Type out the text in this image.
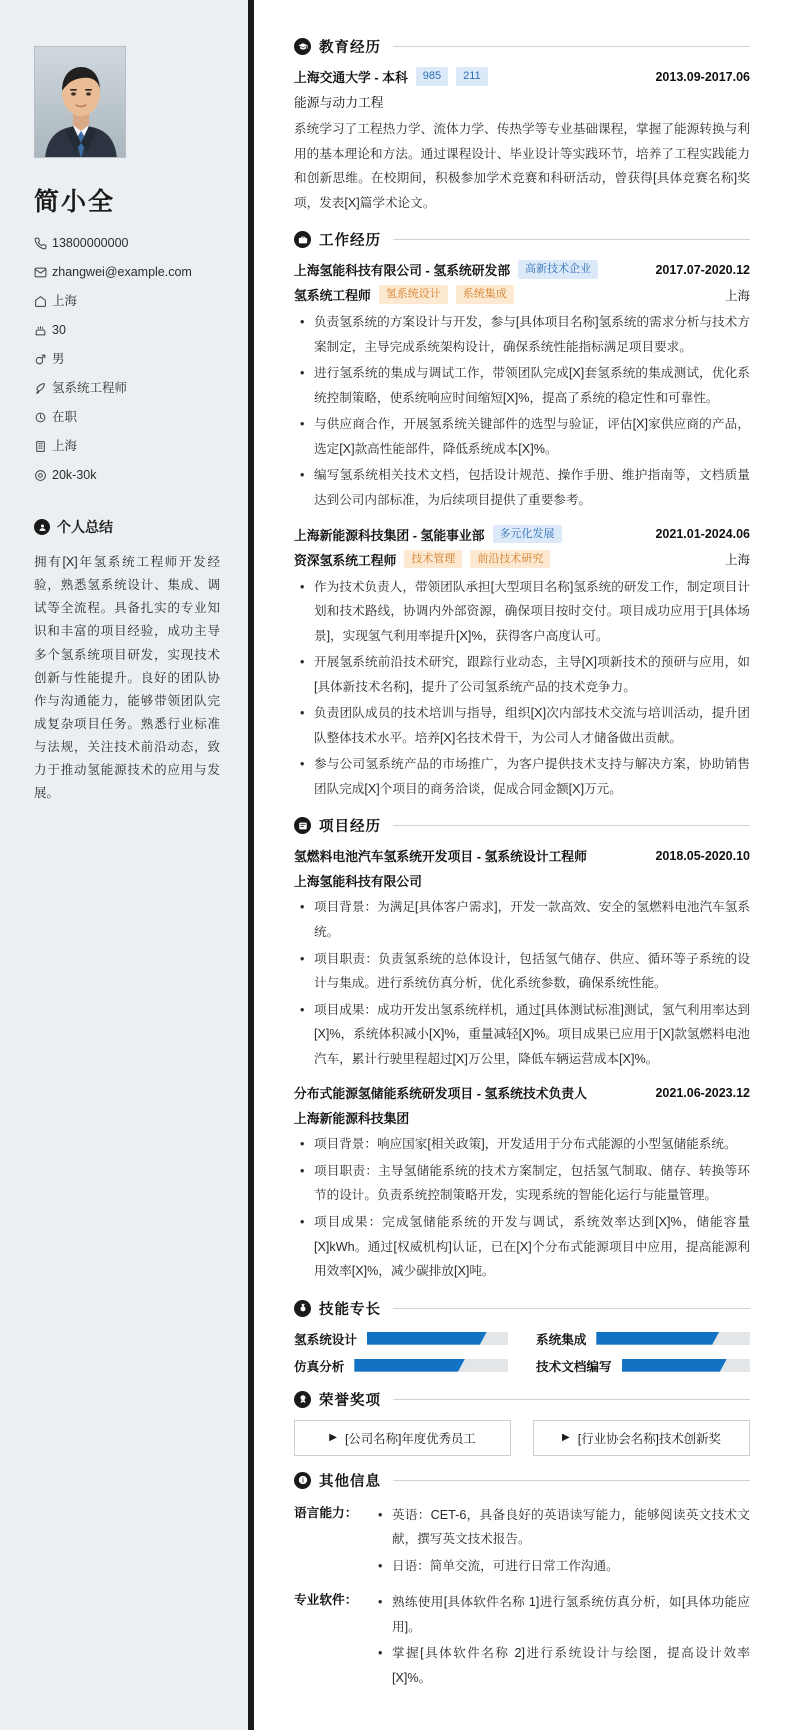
简小全
13800000000
zhangwei@example.com
上海
30
男
氢系统工程师
在职
上海
20k-30k
个人总结

拥有[X]年氢系统工程师开发经验，熟悉氢系统设计、集成、调试等全流程。具备扎实的专业知识和丰富的项目经验，成功主导多个氢系统项目研发，实现技术创新与性能提升。良好的团队协作与沟通能力，能够带领团队完成复杂项目任务。熟悉行业标准与法规，关注技术前沿动态，致力于推动氢能源技术的应用与发展。

教育经历
上海交通大学 - 本科	985	211	2013.09-2017.06
能源与动力工程

系统学习了工程热力学、流体力学、传热学等专业基础课程，掌握了能源转换与利用的基本理论和方法。通过课程设计、毕业设计等实践环节，培养了工程实践能力和创新思维。在校期间，积极参加学术竞赛和科研活动，曾获得[具体竞赛名称]奖项，发表[X]篇学术论文。

工作经历
上海氢能科技有限公司 - 氢系统研发部	高新技术企业	2017.07-2020.12
氢系统工程师	氢系统设计	系统集成	上海
• 负责氢系统的方案设计与开发，参与[具体项目名称]氢系统的需求分析与技术方案制定，主导完成系统架构设计，确保系统性能指标满足项目要求。
• 进行氢系统的集成与调试工作，带领团队完成[X]套氢系统的集成测试，优化系统控制策略，使系统响应时间缩短[X]%，提高了系统的稳定性和可靠性。
• 与供应商合作，开展氢系统关键部件的选型与验证，评估[X]家供应商的产品，选定[X]款高性能部件，降低系统成本[X]%。
• 编写氢系统相关技术文档，包括设计规范、操作手册、维护指南等，文档质量达到公司内部标准，为后续项目提供了重要参考。
上海新能源科技集团 - 氢能事业部	多元化发展	2021.01-2024.06
资深氢系统工程师	技术管理	前沿技术研究	上海
• 作为技术负责人，带领团队承担[大型项目名称]氢系统的研发工作，制定项目计划和技术路线，协调内外部资源，确保项目按时交付。项目成功应用于[具体场景]，实现氢气利用率提升[X]%，获得客户高度认可。
• 开展氢系统前沿技术研究，跟踪行业动态，主导[X]项新技术的预研与应用，如[具体新技术名称]，提升了公司氢系统产品的技术竞争力。
• 负责团队成员的技术培训与指导，组织[X]次内部技术交流与培训活动，提升团队整体技术水平。培养[X]名技术骨干，为公司人才储备做出贡献。
• 参与公司氢系统产品的市场推广，为客户提供技术支持与解决方案，协助销售团队完成[X]个项目的商务洽谈，促成合同金额[X]万元。
项目经历
氢燃料电池汽车氢系统开发项目 - 氢系统设计工程师	2018.05-2020.10
上海氢能科技有限公司
• 项目背景：为满足[具体客户需求]，开发一款高效、安全的氢燃料电池汽车氢系统。
• 项目职责：负责氢系统的总体设计，包括氢气储存、供应、循环等子系统的设计与集成。进行系统仿真分析，优化系统参数，确保系统性能。
• 项目成果：成功开发出氢系统样机，通过[具体测试标准]测试，氢气利用率达到[X]%，系统体积减小[X]%，重量减轻[X]%。项目成果已应用于[X]款氢燃料电池汽车，累计行驶里程超过[X]万公里，降低车辆运营成本[X]%。
分布式能源氢储能系统研发项目 - 氢系统技术负责人	2021.06-2023.12
上海新能源科技集团
• 项目背景：响应国家[相关政策]，开发适用于分布式能源的小型氢储能系统。
• 项目职责：主导氢储能系统的技术方案制定，包括氢气制取、储存、转换等环节的设计。负责系统控制策略开发，实现系统的智能化运行与能量管理。
• 项目成果：完成氢储能系统的开发与调试，系统效率达到[X]%，储能容量[X]kWh。通过[权威机构]认证，已在[X]个分布式能源项目中应用，提高能源利用效率[X]%，减少碳排放[X]吨。
技能专长
氢系统设计	系统集成
仿真分析	技术文档编写
荣誉奖项
▶ [公司名称]年度优秀员工	▶ [行业协会名称]技术创新奖
其他信息
语言能力：	• 英语：CET-6，具备良好的英语读写能力，能够阅读英文技术文献，撰写英文技术报告。
• 日语：简单交流，可进行日常工作沟通。
专业软件：	• 熟练使用[具体软件名称 1]进行氢系统仿真分析，如[具体功能应用]。
• 掌握[具体软件名称 2]进行系统设计与绘图，提高设计效率[X]%。
